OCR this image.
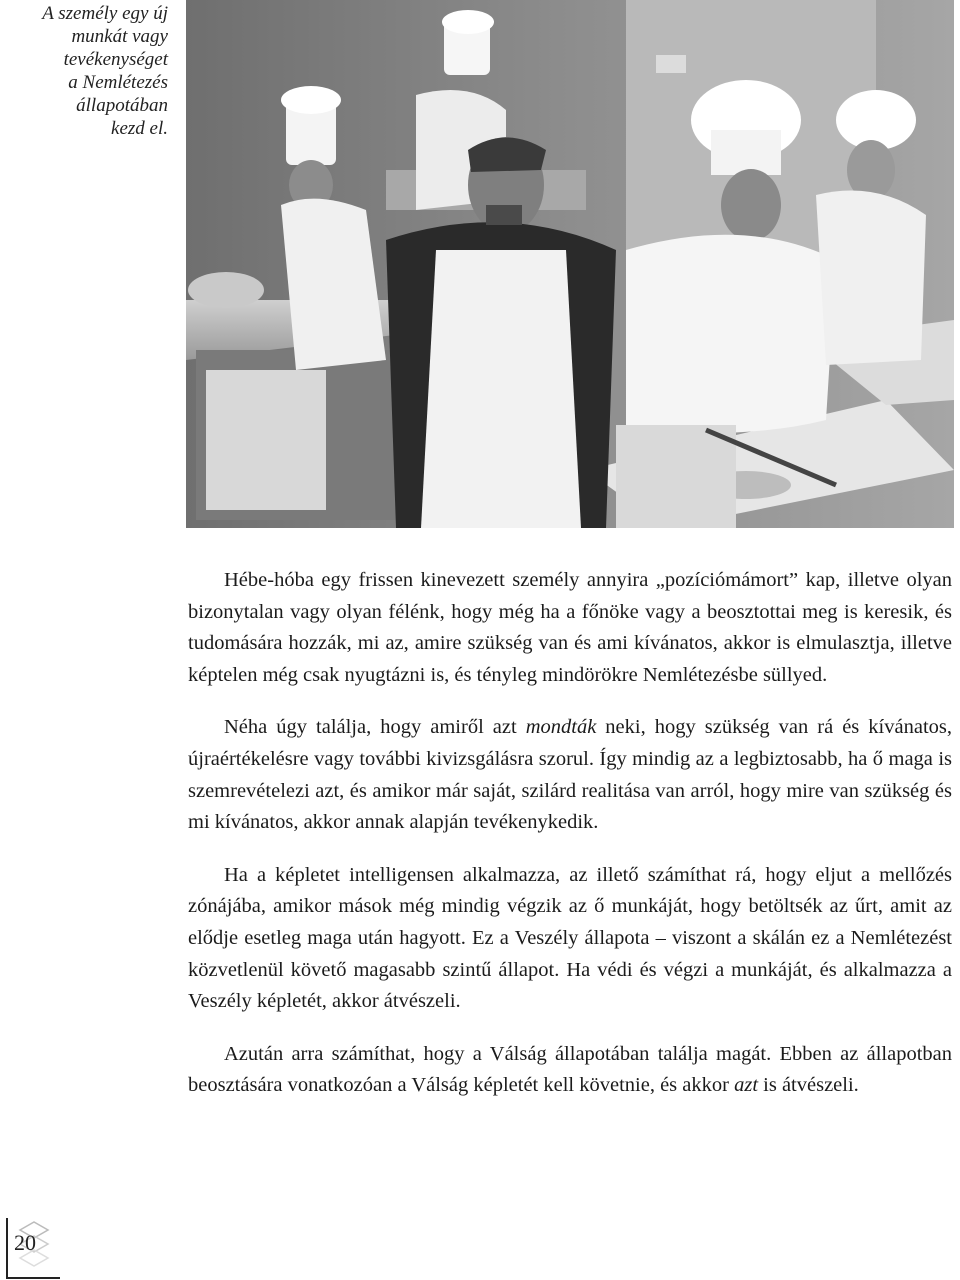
A személy egy új
munkát vagy
tevékenységet
a Nemlétezés
állapotában
kezd el.

Hébe-hóba egy frissen kinevezett személy annyira „pozíciómámort” kap, illetve olyan bizonytalan vagy olyan félénk, hogy még ha a főnöke vagy a beosztottai meg is keresik, és tudomására hozzák, mi az, amire szükség van és ami kívánatos, akkor is elmulasztja, illetve képtelen még csak nyugtázni is, és tényleg mindörökre Nemlétezésbe süllyed.

Néha úgy találja, hogy amiről azt mondták neki, hogy szükség van rá és kívánatos, újraértékelésre vagy további kivizsgálásra szorul. Így mindig az a legbiztosabb, ha ő maga is szemrevételezi azt, és amikor már saját, szilárd realitása van arról, hogy mire van szükség és mi kívánatos, akkor annak alapján tevékenykedik.

Ha a képletet intelligensen alkalmazza, az illető számíthat rá, hogy eljut a mellőzés zónájába, amikor mások még mindig végzik az ő munkáját, hogy betöltsék az űrt, amit az elődje esetleg maga után hagyott. Ez a Veszély állapota – viszont a skálán ez a Nemlétezést közvetlenül követő magasabb szintű állapot. Ha védi és végzi a munkáját, és alkalmazza a Veszély képletét, akkor átvészeli.

Azután arra számíthat, hogy a Válság állapotában találja magát. Ebben az állapotban beosztására vonatkozóan a Válság képletét kell követnie, és akkor azt is átvészeli.

20
